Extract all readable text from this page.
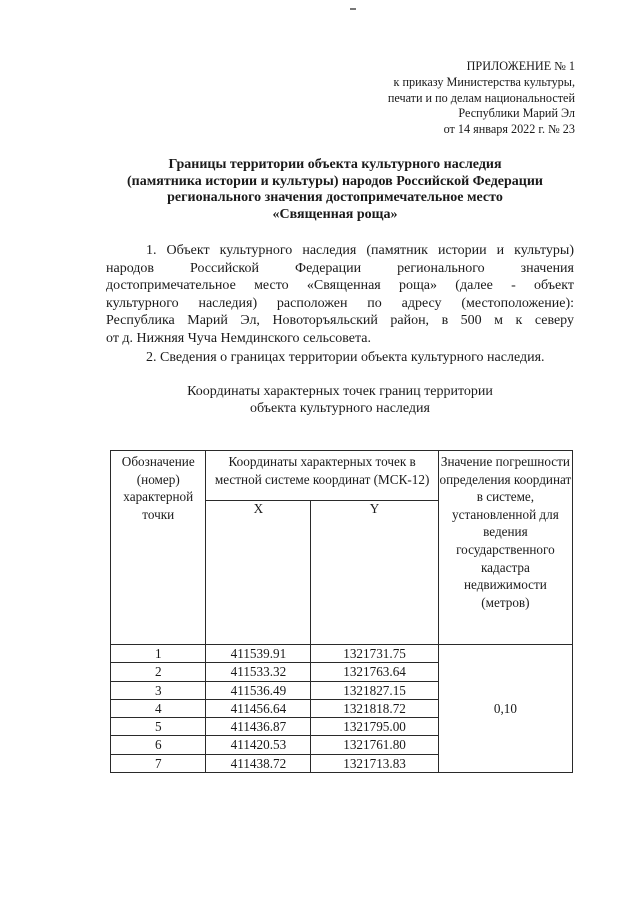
ПРИЛОЖЕНИЕ № 1
к приказу Министерства культуры,
печати и по делам национальностей
Республики Марий Эл
от 14 января 2022 г. № 23
Границы территории объекта культурного наследия
(памятника истории и культуры) народов Российской Федерации
регионального значения достопримечательное место
«Священная роща»
1. Объект культурного наследия (памятник истории и культуры)
народов Российской Федерации регионального значения
достопримечательное место «Священная роща» (далее - объект
культурного наследия) расположен по адресу (местоположение):
Республика Марий Эл, Новоторъяльский район, в 500 м к северу
от д. Нижняя Чуча Немдинского сельсовета.
2. Сведения о границах территории объекта культурного наследия.
Координаты характерных точек границ территории
объекта культурного наследия
Обозначение (номер) характерной точки	Координаты характерных точек в местной системе координат (МСК-12)		Значение погрешности определения координат в системе, установленной для ведения государственного кадастра недвижимости (метров)
	X	Y	
1	411539.91	1321731.75	0,10
2	411533.32	1321763.64	
3	411536.49	1321827.15	
4	411456.64	1321818.72	
5	411436.87	1321795.00	
6	411420.53	1321761.80	
7	411438.72	1321713.83	
